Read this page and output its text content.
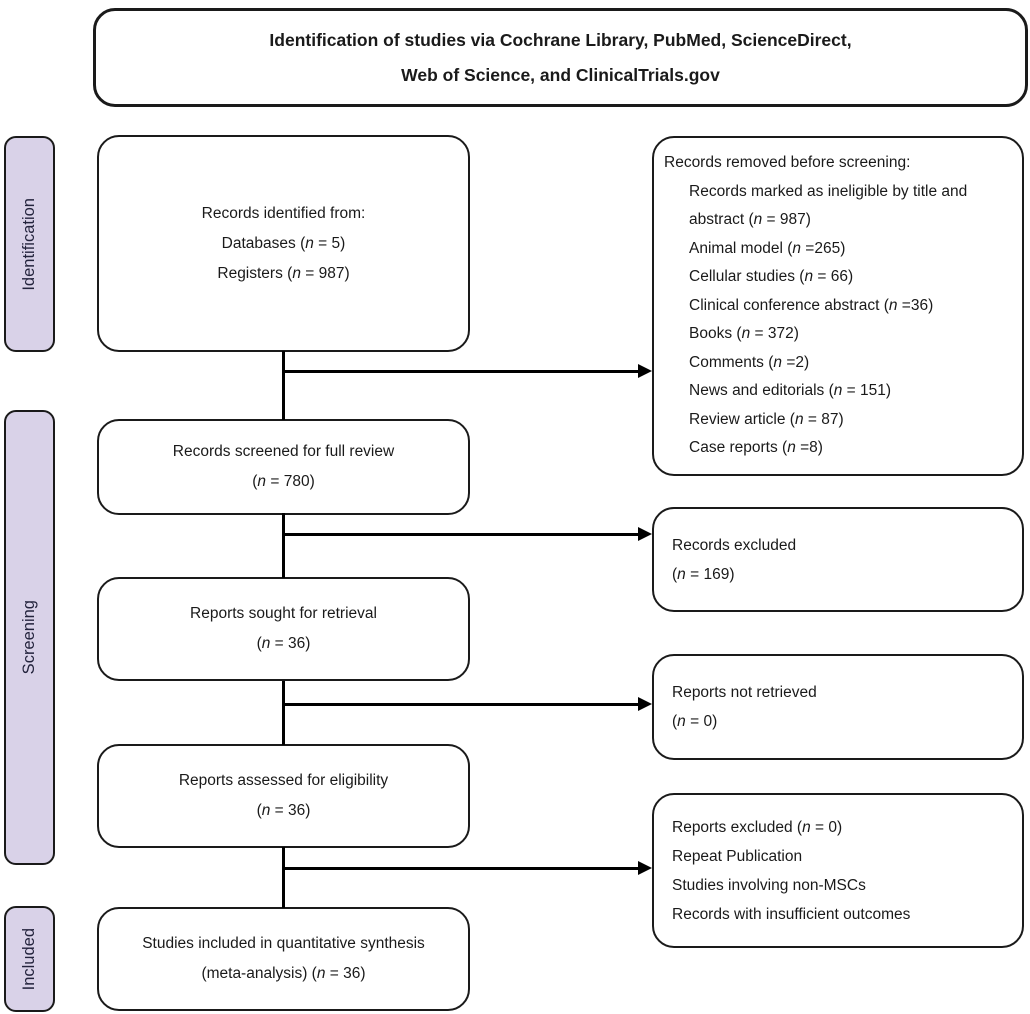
Identification of studies via Cochrane Library, PubMed, ScienceDirect,
Web of Science, and ClinicalTrials.gov
Identification
Screening
Included
Records identified from:
Databases (n = 5)
Registers (n = 987)
Records screened for full review
(n = 780)
Reports sought for retrieval
(n = 36)
Reports assessed for eligibility
(n = 36)
Studies included in quantitative synthesis
(meta-analysis) (n = 36)
Records removed before screening:
Records marked as ineligible by title and abstract (n = 987)
Animal model (n =265)
Cellular studies (n = 66)
Clinical conference abstract (n =36)
Books (n = 372)
Comments (n =2)
News and editorials (n = 151)
Review article (n = 87)
Case reports (n =8)
Records excluded
(n = 169)
Reports not retrieved
(n = 0)
Reports excluded (n = 0)
Repeat Publication
Studies involving non-MSCs
Records with insufficient outcomes
